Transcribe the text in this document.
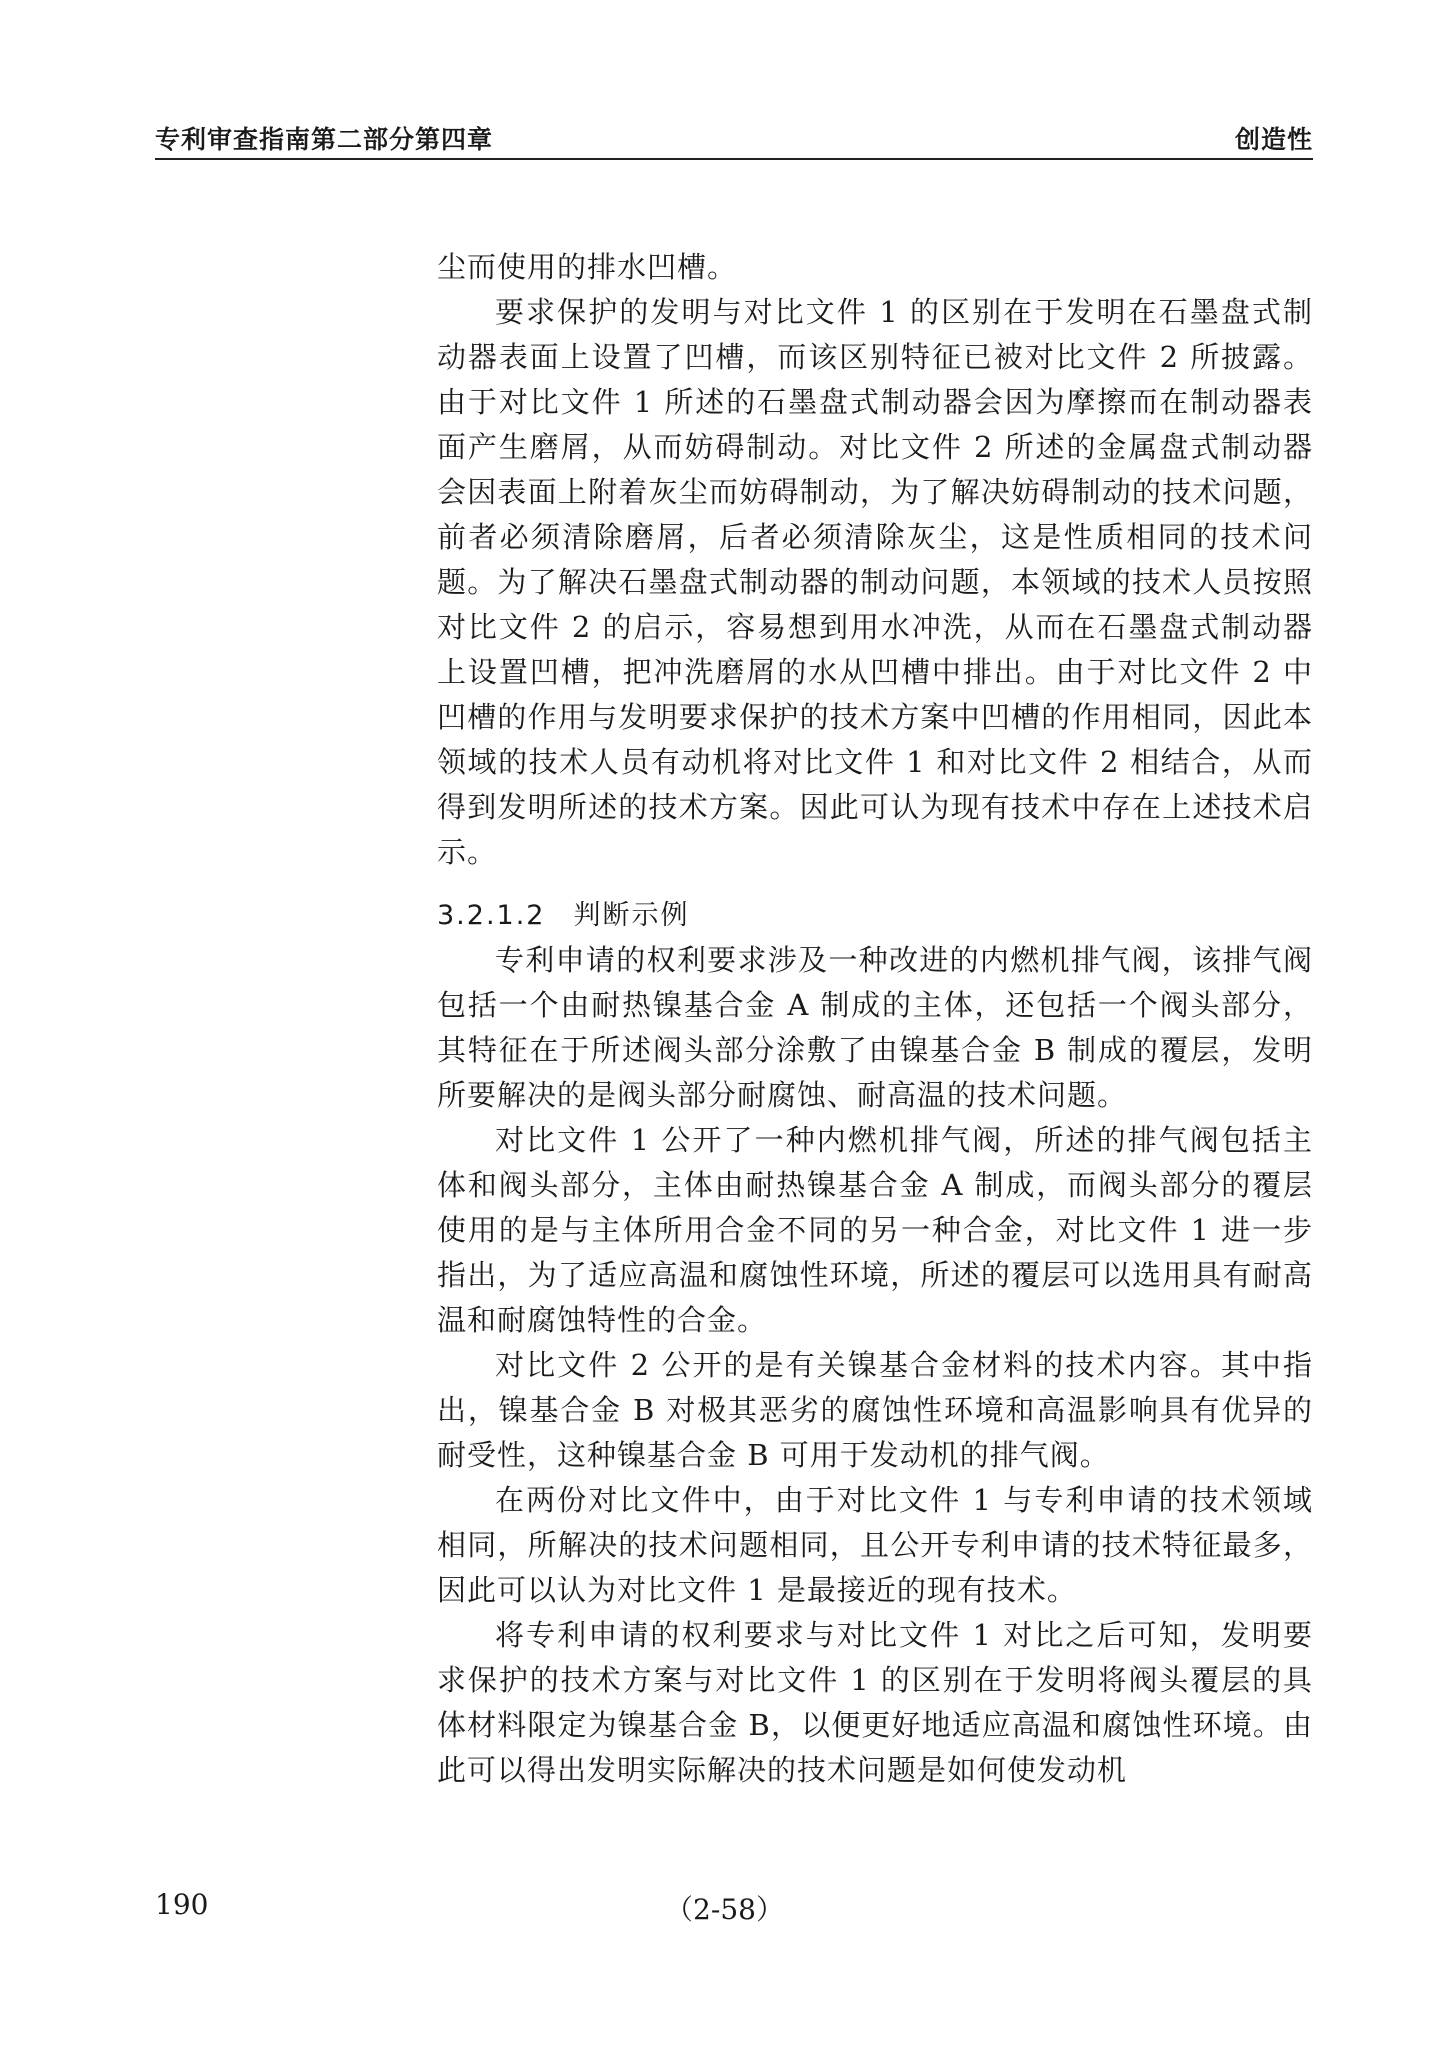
专利审查指南第二部分第四章	创造性

尘而使用的排水凹槽。

要求保护的发明与对比文件 1 的区别在于发明在石墨盘式制动器表面上设置了凹槽，而该区别特征已被对比文件 2 所披露。由于对比文件 1 所述的石墨盘式制动器会因为摩擦而在制动器表面产生磨屑，从而妨碍制动。对比文件 2 所述的金属盘式制动器会因表面上附着灰尘而妨碍制动，为了解决妨碍制动的技术问题，前者必须清除磨屑，后者必须清除灰尘，这是性质相同的技术问题。为了解决石墨盘式制动器的制动问题，本领域的技术人员按照对比文件 2 的启示，容易想到用水冲洗，从而在石墨盘式制动器上设置凹槽，把冲洗磨屑的水从凹槽中排出。由于对比文件 2 中凹槽的作用与发明要求保护的技术方案中凹槽的作用相同，因此本领域的技术人员有动机将对比文件 1 和对比文件 2 相结合，从而得到发明所述的技术方案。因此可认为现有技术中存在上述技术启示。

3.2.1.2 判断示例

专利申请的权利要求涉及一种改进的内燃机排气阀，该排气阀包括一个由耐热镍基合金 A 制成的主体，还包括一个阀头部分，其特征在于所述阀头部分涂敷了由镍基合金 B 制成的覆层，发明所要解决的是阀头部分耐腐蚀、耐高温的技术问题。

对比文件 1 公开了一种内燃机排气阀，所述的排气阀包括主体和阀头部分，主体由耐热镍基合金 A 制成，而阀头部分的覆层使用的是与主体所用合金不同的另一种合金，对比文件 1 进一步指出，为了适应高温和腐蚀性环境，所述的覆层可以选用具有耐高温和耐腐蚀特性的合金。

对比文件 2 公开的是有关镍基合金材料的技术内容。其中指出，镍基合金 B 对极其恶劣的腐蚀性环境和高温影响具有优异的耐受性，这种镍基合金 B 可用于发动机的排气阀。

在两份对比文件中，由于对比文件 1 与专利申请的技术领域相同，所解决的技术问题相同，且公开专利申请的技术特征最多，因此可以认为对比文件 1 是最接近的现有技术。

将专利申请的权利要求与对比文件 1 对比之后可知，发明要求保护的技术方案与对比文件 1 的区别在于发明将阀头覆层的具体材料限定为镍基合金 B，以便更好地适应高温和腐蚀性环境。由此可以得出发明实际解决的技术问题是如何使发动机

190	（2-58）
